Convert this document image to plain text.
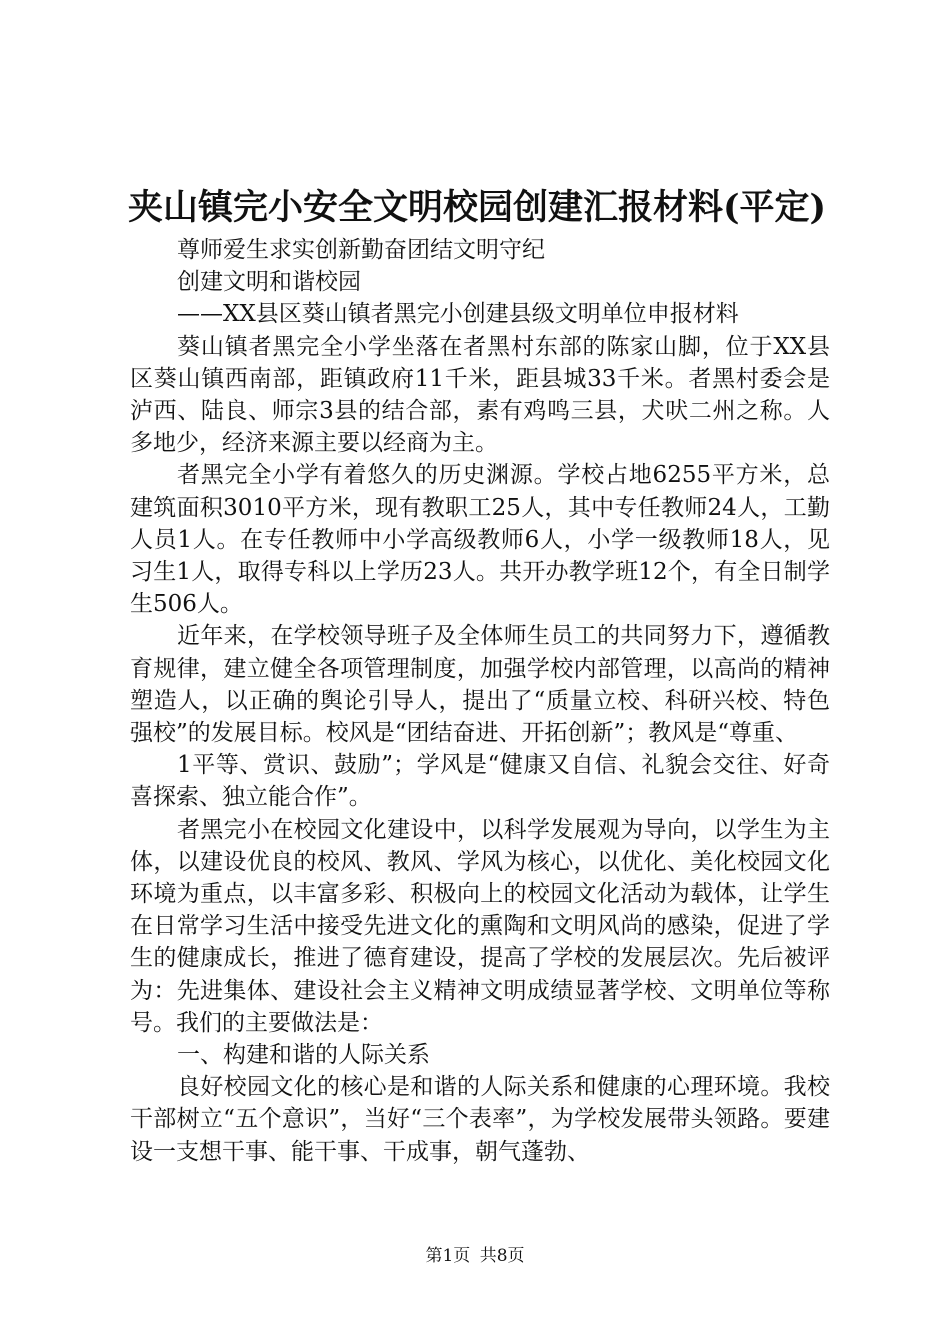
夹山镇完小安全文明校园创建汇报材料(平定)

尊师爱生求实创新勤奋团结文明守纪

创建文明和谐校园

——XX县区葵山镇者黑完小创建县级文明单位申报材料

葵山镇者黑完全小学坐落在者黑村东部的陈家山脚，位于XX县区葵山镇西南部，距镇政府11千米，距县城33千米。者黑村委会是泸西、陆良、师宗3县的结合部，素有鸡鸣三县，犬吠二州之称。人多地少，经济来源主要以经商为主。

者黑完全小学有着悠久的历史渊源。学校占地6255平方米，总建筑面积3010平方米，现有教职工25人，其中专任教师24人，工勤人员1人。在专任教师中小学高级教师6人，小学一级教师18人，见习生1人，取得专科以上学历23人。共开办教学班12个，有全日制学生506人。

近年来，在学校领导班子及全体师生员工的共同努力下，遵循教育规律，建立健全各项管理制度，加强学校内部管理，以高尚的精神塑造人，以正确的舆论引导人，提出了“质量立校、科研兴校、特色强校”的发展目标。校风是“团结奋进、开拓创新”；教风是“尊重、

1平等、赏识、鼓励”；学风是“健康又自信、礼貌会交往、好奇喜探索、独立能合作”。

者黑完小在校园文化建设中，以科学发展观为导向，以学生为主体，以建设优良的校风、教风、学风为核心，以优化、美化校园文化环境为重点，以丰富多彩、积极向上的校园文化活动为载体，让学生在日常学习生活中接受先进文化的熏陶和文明风尚的感染，促进了学生的健康成长，推进了德育建设，提高了学校的发展层次。先后被评为：先进集体、建设社会主义精神文明成绩显著学校、文明单位等称号。我们的主要做法是：

一、构建和谐的人际关系

良好校园文化的核心是和谐的人际关系和健康的心理环境。我校干部树立“五个意识”，当好“三个表率”，为学校发展带头领路。要建设一支想干事、能干事、干成事，朝气蓬勃、

第1页 共8页
